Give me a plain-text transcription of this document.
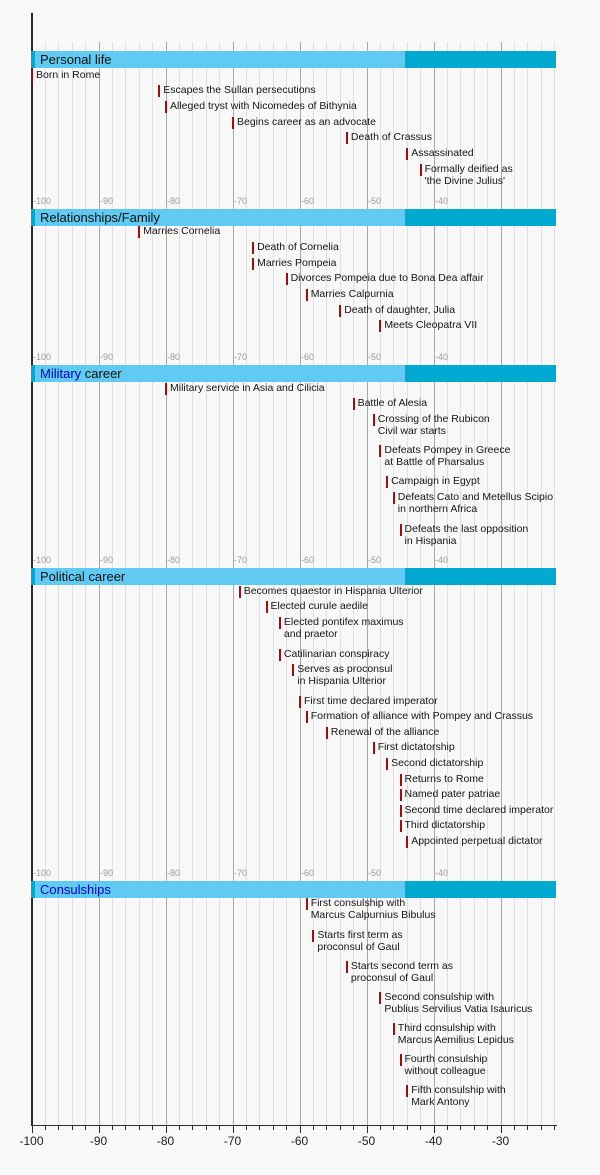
Personal life
Born in Rome
Escapes the Sullan persecutions
Alleged tryst with Nicomedes of Bithynia
Begins career as an advocate
Death of Crassus
Assassinated
Formally deified as
'the Divine Julius'
-100	-90	-80	-70	-60	-50	-40
Relationships/Family
Marries Cornelia
Death of Cornelia
Marries Pompeia
Divorces Pompeia due to Bona Dea affair
Marries Calpurnia
Death of daughter, Julia
Meets Cleopatra VII
-100	-90	-80	-70	-60	-50	-40
Military career
Military service in Asia and Cilicia
Battle of Alesia
Crossing of the Rubicon
Civil war starts
Defeats Pompey in Greece
at Battle of Pharsalus
Campaign in Egypt
Defeats Cato and Metellus Scipio
in northern Africa
Defeats the last opposition
in Hispania
-100	-90	-80	-70	-60	-50	-40
Political career
Becomes quaestor in Hispania Ulterior
Elected curule aedile
Elected pontifex maximus
and praetor
Catilinarian conspiracy
Serves as proconsul
in Hispania Ulterior
First time declared imperator
Formation of alliance with Pompey and Crassus
Renewal of the alliance
First dictatorship
Second dictatorship
Returns to Rome
Named pater patriae
Second time declared imperator
Third dictatorship
Appointed perpetual dictator
-100	-90	-80	-70	-60	-50	-40
Consulships
First consulship with
Marcus Calpurnius Bibulus
Starts first term as
proconsul of Gaul
Starts second term as
proconsul of Gaul
Second consulship with
Publius Servilius Vatia Isauricus
Third consulship with
Marcus Aemilius Lepidus
Fourth consulship
without colleague
Fifth consulship with
Mark Antony
-100	-90	-80	-70	-60	-50	-40	-30
